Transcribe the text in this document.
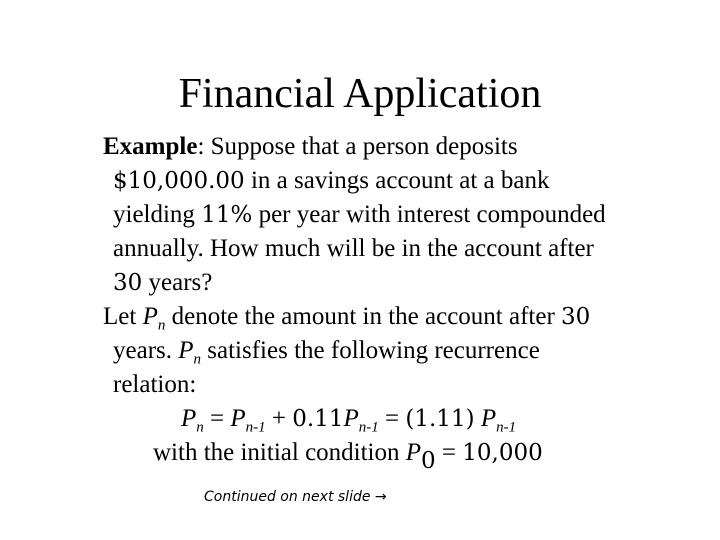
Financial Application
Example: Suppose that a person deposits
$10,000.00 in a savings account at a bank
yielding 11% per year with interest compounded
annually. How much will be in the account after
30 years?
Let $P_n$ denote the amount in the account after 30
years. $P_n$ satisfies the following recurrence
relation:
$P_n = P_{n-1} + 0.11P_{n-1} = (1.11)$ $P_{n-1}$
with the initial condition $P_0 = 10,000$
Continued on next slide →
